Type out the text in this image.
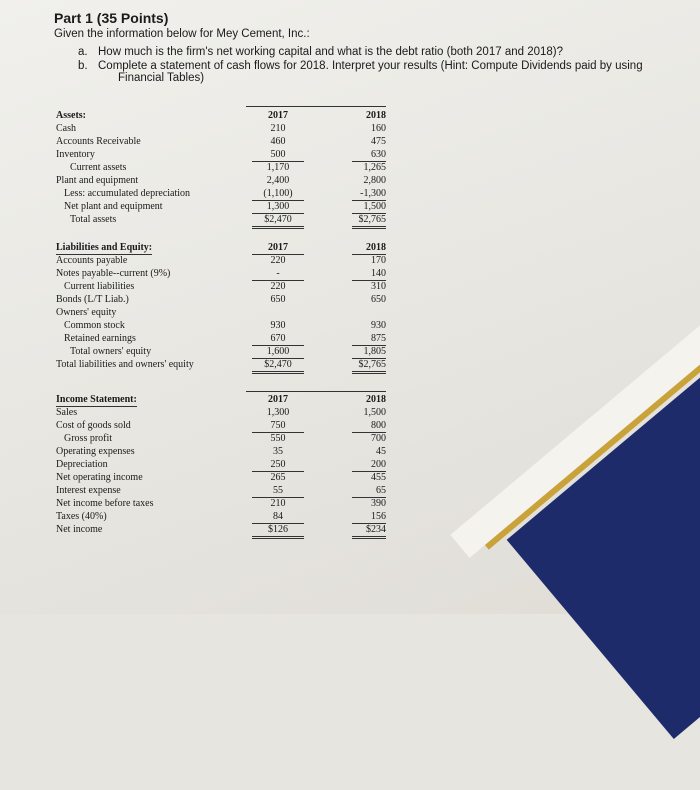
Part 1 (35 Points)
Given the information below for Mey Cement, Inc.:
a. How much is the firm's net working capital and what is the debt ratio (both 2017 and 2018)?
b. Complete a statement of cash flows for 2018. Interpret your results (Hint: Compute Dividends paid by using
Financial Tables)
Assets:	2017	2018
Cash	210	160
Accounts Receivable	460	475
Inventory	500	630
Current assets	1,170	1,265
Plant and equipment	2,400	2,800
Less: accumulated depreciation	(1,100)	-1,300
Net plant and equipment	1,300	1,500
Total assets	$2,470	$2,765
Liabilities and Equity:	2017	2018
Accounts payable	220	170
Notes payable--current (9%)	-	140
Current liabilities	220	310
Bonds (L/T Liab.)	650	650
Owners' equity
Common stock	930	930
Retained earnings	670	875
Total owners' equity	1,600	1,805
Total liabilities and owners' equity	$2,470	$2,765
Income Statement:	2017	2018
Sales	1,300	1,500
Cost of goods sold	750	800
Gross profit	550	700
Operating expenses	35	45
Depreciation	250	200
Net operating income	265	455
Interest expense	55	65
Net income before taxes	210	390
Taxes (40%)	84	156
Net income	$126	$234
